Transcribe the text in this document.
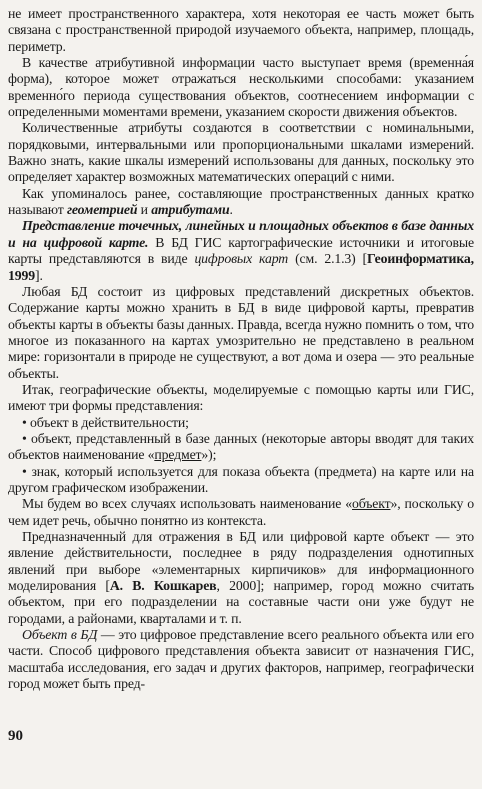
не имеет пространственного характера, хотя некоторая ее часть может быть связана с пространственной природой изучаемого объекта, например, площадь, периметр.

В качестве атрибутивной информации часто выступает время (временна́я форма), которое может отражаться несколькими способами: указанием временно́го периода существования объектов, соотнесением информации с определенными моментами времени, указанием скорости движения объектов.

Количественные атрибуты создаются в соответствии с номинальными, порядковыми, интервальными или пропорциональными шкалами измерений. Важно знать, какие шкалы измерений использованы для данных, поскольку это определяет характер возможных математических операций с ними.

Как упоминалось ранее, составляющие пространственных данных кратко называют геометрией и атрибутами.

Представление точечных, линейных и площадных объектов в базе данных и на цифровой карте. В БД ГИС картографические источники и итоговые карты представляются в виде цифровых карт (см. 2.1.3) [Геоинформатика, 1999].

Любая БД состоит из цифровых представлений дискретных объектов. Содержание карты можно хранить в БД в виде цифровой карты, превратив объекты карты в объекты базы данных. Правда, всегда нужно помнить о том, что многое из показанного на картах умозрительно не представлено в реальном мире: горизонтали в природе не существуют, а вот дома и озера — это реальные объекты.

Итак, географические объекты, моделируемые с помощью карты или ГИС, имеют три формы представления:

• объект в действительности;

• объект, представленный в базе данных (некоторые авторы вводят для таких объектов наименование «предмет»);

• знак, который используется для показа объекта (предмета) на карте или на другом графическом изображении.

Мы будем во всех случаях использовать наименование «объект», поскольку о чем идет речь, обычно понятно из контекста.

Предназначенный для отражения в БД или цифровой карте объект — это явление действительности, последнее в ряду подразделения однотипных явлений при выборе «элементарных кирпичиков» для информационного моделирования [А. В. Кошкарев, 2000]; например, город можно считать объектом, при его подразделении на составные части они уже будут не городами, а районами, кварталами и т. п.

Объект в БД — это цифровое представление всего реального объекта или его части. Способ цифрового представления объекта зависит от назначения ГИС, масштаба исследования, его задач и других факторов, например, географически город может быть пред-

90
